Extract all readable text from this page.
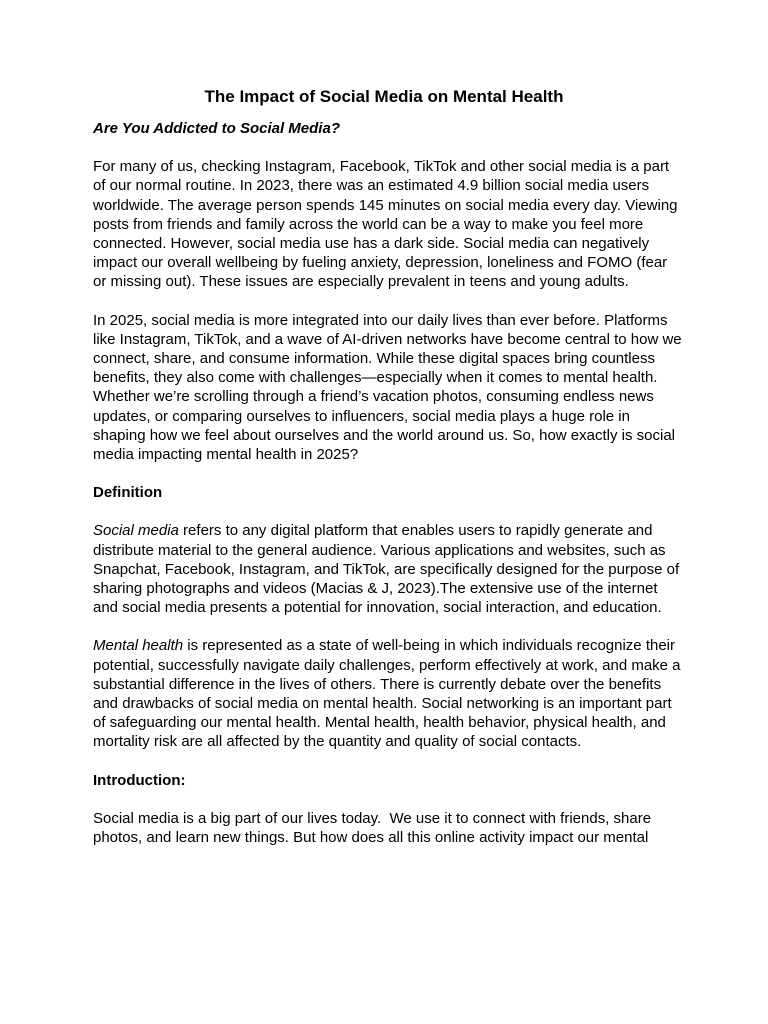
The Impact of Social Media on Mental Health
Are You Addicted to Social Media?

For many of us, checking Instagram, Facebook, TikTok and other social media is a part of our normal routine. In 2023, there was an estimated 4.9 billion social media users worldwide. The average person spends 145 minutes on social media every day. Viewing posts from friends and family across the world can be a way to make you feel more connected. However, social media use has a dark side. Social media can negatively impact our overall wellbeing by fueling anxiety, depression, loneliness and FOMO (fear or missing out). These issues are especially prevalent in teens and young adults.

In 2025, social media is more integrated into our daily lives than ever before. Platforms like Instagram, TikTok, and a wave of AI-driven networks have become central to how we connect, share, and consume information. While these digital spaces bring countless benefits, they also come with challenges—especially when it comes to mental health. Whether we’re scrolling through a friend’s vacation photos, consuming endless news updates, or comparing ourselves to influencers, social media plays a huge role in shaping how we feel about ourselves and the world around us. So, how exactly is social media impacting mental health in 2025?

Definition

Social media refers to any digital platform that enables users to rapidly generate and distribute material to the general audience. Various applications and websites, such as Snapchat, Facebook, Instagram, and TikTok, are specifically designed for the purpose of sharing photographs and videos (Macias & J, 2023).The extensive use of the internet and social media presents a potential for innovation, social interaction, and education.

Mental health is represented as a state of well-being in which individuals recognize their potential, successfully navigate daily challenges, perform effectively at work, and make a substantial difference in the lives of others. There is currently debate over the benefits and drawbacks of social media on mental health. Social networking is an important part of safeguarding our mental health. Mental health, health behavior, physical health, and mortality risk are all affected by the quantity and quality of social contacts.

Introduction:

Social media is a big part of our lives today.  We use it to connect with friends, share photos, and learn new things. But how does all this online activity impact our mental
